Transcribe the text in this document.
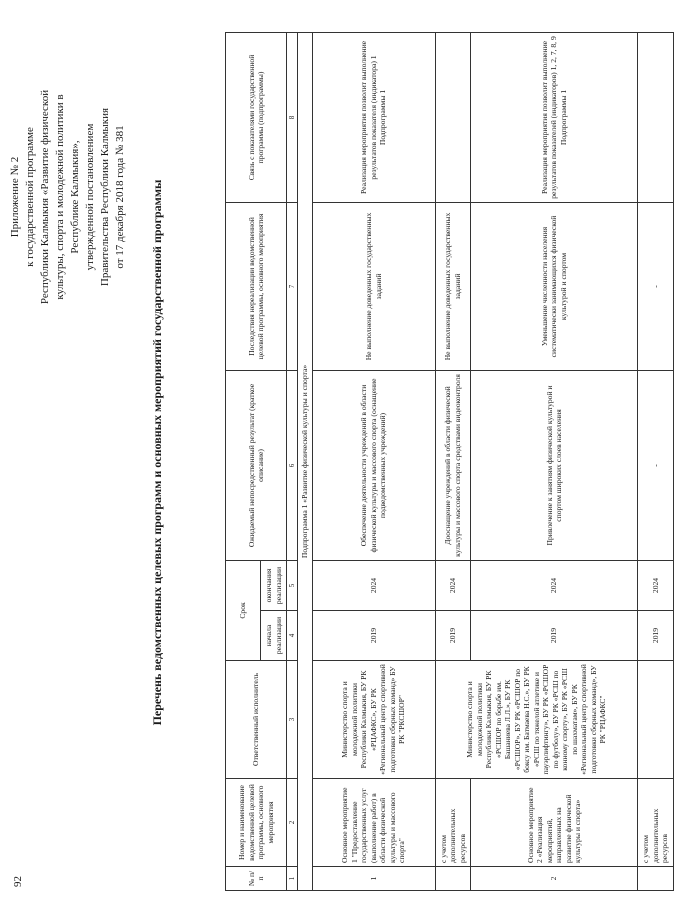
92
Приложение № 2 к государственной программе Республики Калмыкия «Развитие физической культуры, спорта и молодежной политики в Республике Калмыкия», утвержденной постановлением Правительства Республики Калмыкия от 17 декабря 2018 года № 381 Перечень ведомственных целевых программ и основных мероприятий государственной программы
№ п/п	Номер и наименование ведомственной целевой программы, основного мероприятия	Ответственный исполнитель	Срок		Ожидаемый непосредственный результат (краткое описание)	Последствия нереализации ведомственной целевой программы, основного мероприятия	Связь с показателями государственной программы (подпрограммы)
			начала реализации	окончания реализации			
1	2	3	4	5	6	7	8
Подпрограмма 1 «Развитие физической культуры и спорта»							
1	Основное мероприятие 1 "Предоставление государственных услуг (выполнение работ) в области физической культуры и массового спорта"	Министерство спорта и молодежной политики Республики Калмыкия, БУ РК «РЦАФКС», БУ РК «Региональный центр спортивной подготовки сборных команд» БУ РК "РКСШОР"	2019	2024	Обеспечение деятельности учреждений в области физической культуры и массового спорта (оснащение подведомственных учреждений)	Не выполнение доведенных государственных заданий	Реализация мероприятия позволит выполнение результатов показателя (индикатора) 1 Подпрограммы 1
	с учетом дополнительных ресурсов	Министерство спорта и молодежной политики Республики Калмыкия, БУ РК «РСШОР по борьбе им. Башаниева Л.Л.», БУ РК «РСШОР», БУ РК «РСШОР по боксу им. Батмаева Н.С.», БУ РК «РСШ по тяжелой атлетике и пауэрлифтингу», БУ РК «РСШОР по футболу», БУ РК «РСШ по конному спорту», БУ РК «РСШ по шахматам», БУ РК «Региональный центр спортивной подготовки сборных команд», БУ РК "РЦАФКС"	2019	2024	Дооснащение учреждений в области физической культуры и массового спорта средствами видеоконтроля	Не выполнение доведенных государственных заданий	
2	Основное мероприятие 2 «Реализация мероприятий, направленных на развитие физической культуры и спорта»		2019	2024	Привлечение к занятиям физической культурой и спортом широких слоев населения	Уменьшение численности населения систематически занимающихся физической культурой и спортом	Реализация мероприятия позволит выполнение результатов показателей (индикаторов) 1, 2, 7, 8, 9 Подпрограммы 1
	с учетом дополнительных ресурсов		2019	2024	-	-	
